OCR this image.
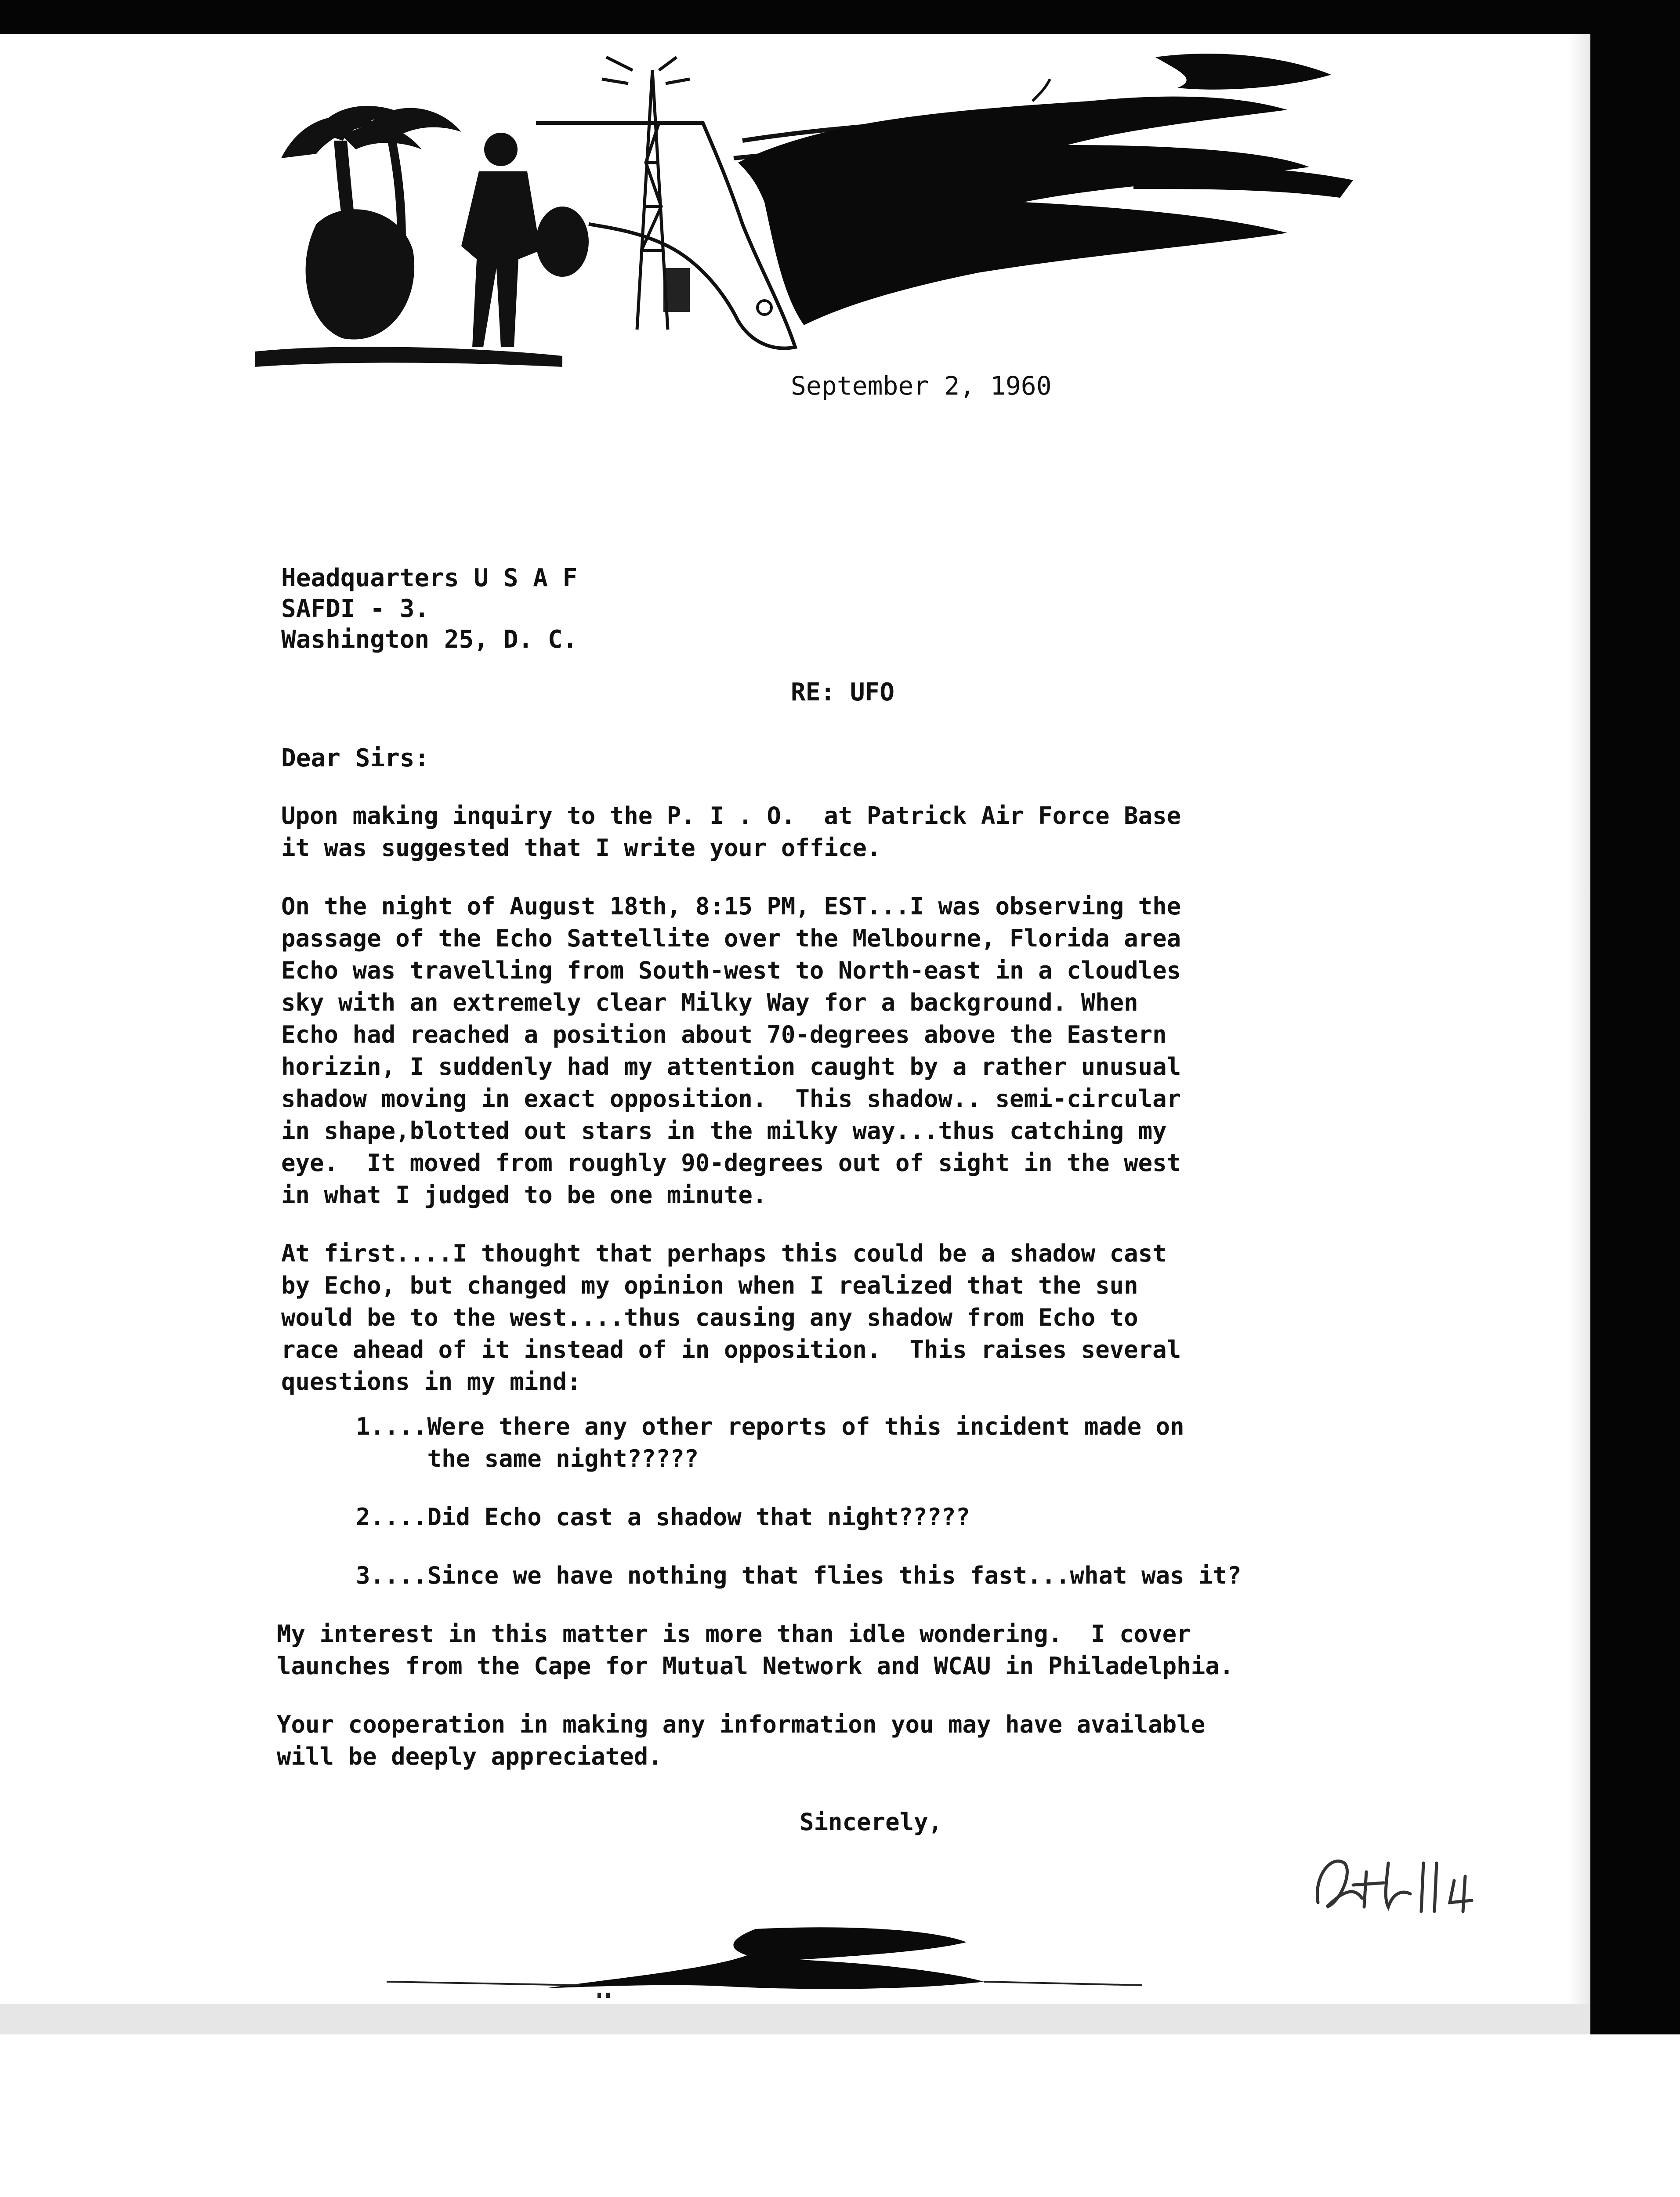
September 2, 1960
Headquarters U S A F
SAFDI - 3.
Washington 25, D. C.
RE: UFO
Dear Sirs:
Upon making inquiry to the P. I . O.  at Patrick Air Force Base
it was suggested that I write your office.
On the night of August 18th, 8:15 PM, EST...I was observing the
passage of the Echo Sattellite over the Melbourne, Florida area
Echo was travelling from South-west to North-east in a cloudles
sky with an extremely clear Milky Way for a background. When
Echo had reached a position about 70-degrees above the Eastern
horizin, I suddenly had my attention caught by a rather unusual
shadow moving in exact opposition.  This shadow.. semi-circular
in shape,blotted out stars in the milky way...thus catching my
eye.  It moved from roughly 90-degrees out of sight in the west
in what I judged to be one minute.
At first....I thought that perhaps this could be a shadow cast
by Echo, but changed my opinion when I realized that the sun
would be to the west....thus causing any shadow from Echo to
race ahead of it instead of in opposition.  This raises several
questions in my mind:
1....Were there any other reports of this incident made on
the same night?????
2....Did Echo cast a shadow that night?????
3....Since we have nothing that flies this fast...what was it?
My interest in this matter is more than idle wondering.  I cover
launches from the Cape for Mutual Network and WCAU in Philadelphia.
Your cooperation in making any information you may have available
will be deeply appreciated.
Sincerely,
